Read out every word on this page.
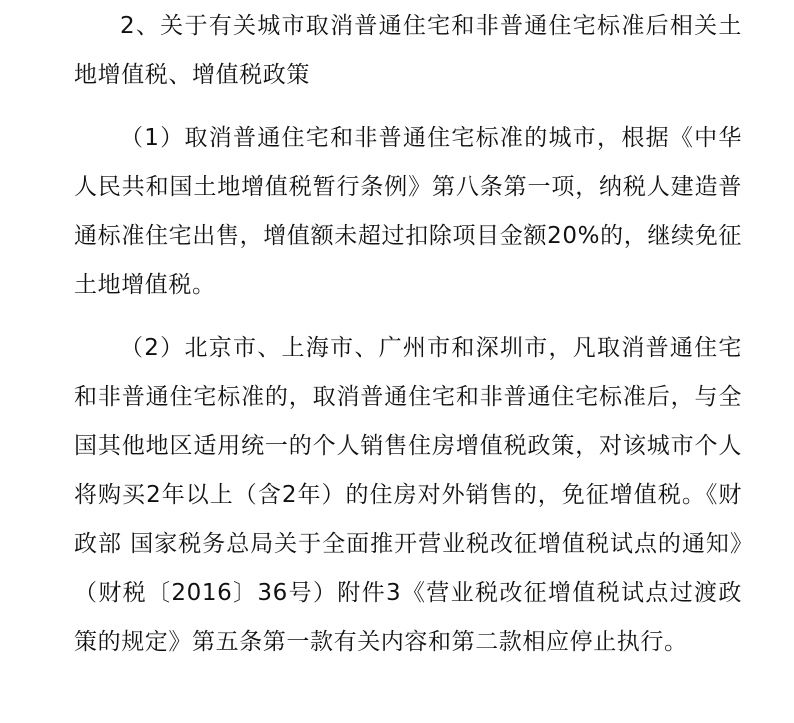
2、关于有关城市取消普通住宅和非普通住宅标准后相关土地增值税、增值税政策

（1）取消普通住宅和非普通住宅标准的城市，根据《中华人民共和国土地增值税暂行条例》第八条第一项，纳税人建造普通标准住宅出售，增值额未超过扣除项目金额20%的，继续免征土地增值税。

（2）北京市、上海市、广州市和深圳市，凡取消普通住宅和非普通住宅标准的，取消普通住宅和非普通住宅标准后，与全国其他地区适用统一的个人销售住房增值税政策，对该城市个人将购买2年以上（含2年）的住房对外销售的，免征增值税。《财政部 国家税务总局关于全面推开营业税改征增值税试点的通知》（财税〔2016〕36号）附件3《营业税改征增值税试点过渡政策的规定》第五条第一款有关内容和第二款相应停止执行。
